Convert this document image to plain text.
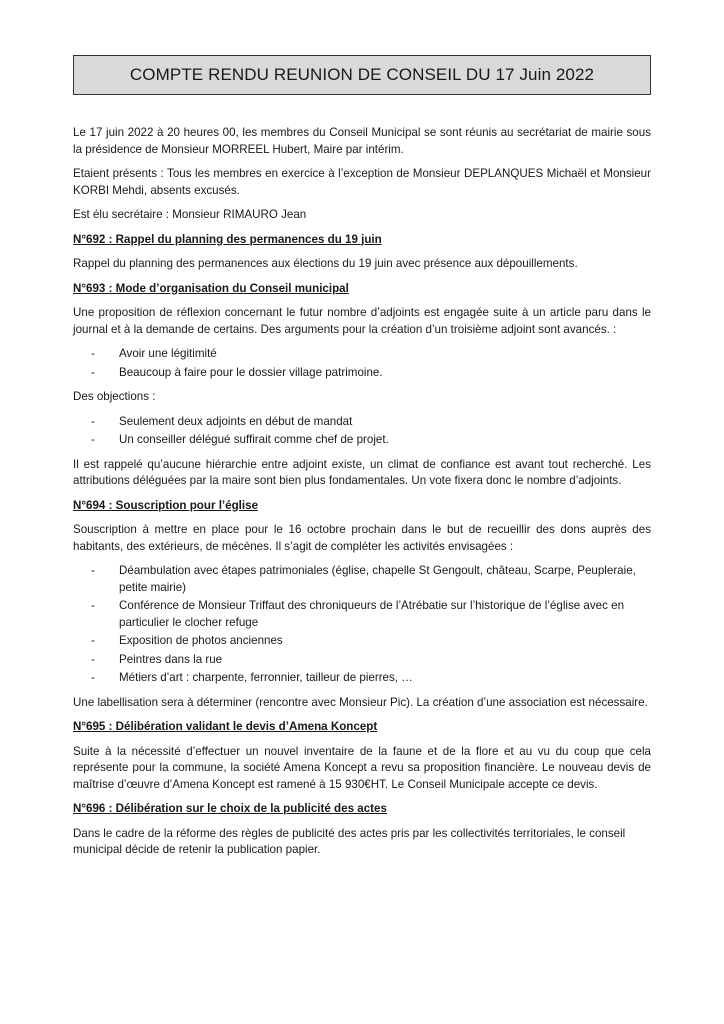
COMPTE RENDU REUNION DE CONSEIL DU 17 Juin 2022

Le 17 juin 2022 à 20 heures 00, les membres du Conseil Municipal se sont réunis au secrétariat de mairie sous la présidence de Monsieur MORREEL Hubert, Maire par intérim.

Etaient présents : Tous les membres en exercice à l’exception de Monsieur DEPLANQUES Michaël et Monsieur KORBI Mehdi, absents excusés.

Est élu secrétaire : Monsieur RIMAURO Jean

N°692 : Rappel du planning des permanences du 19 juin

Rappel du planning des permanences aux élections du 19 juin avec présence aux dépouillements.

N°693 : Mode d’organisation du Conseil municipal

Une proposition de réflexion concernant le futur nombre d’adjoints est engagée suite à un article paru dans le journal et à la demande de certains. Des arguments pour la création d’un troisième adjoint sont avancés. :

- Avoir une légitimité
- Beaucoup à faire pour le dossier village patrimoine.

Des objections :

- Seulement deux adjoints en début de mandat
- Un conseiller délégué suffirait comme chef de projet.

Il est rappelé qu’aucune hiérarchie entre adjoint existe, un climat de confiance est avant tout recherché. Les attributions déléguées par la maire sont bien plus fondamentales. Un vote fixera donc le nombre d’adjoints.

N°694 : Souscription pour l’église

Souscription à mettre en place pour le 16 octobre prochain dans le but de recueillir des dons auprès des habitants, des extérieurs, de mécènes. Il s’agit de compléter les activités envisagées :

- Déambulation avec étapes patrimoniales (église, chapelle St Gengoult, château, Scarpe, Peupleraie, petite mairie)
- Conférence de Monsieur Triffaut des chroniqueurs de l’Atrébatie sur l’historique de l’église avec en particulier le clocher refuge
- Exposition de photos anciennes
- Peintres dans la rue
- Métiers d’art : charpente, ferronnier, tailleur de pierres, …

Une labellisation sera à déterminer (rencontre avec Monsieur Pic). La création d’une association est nécessaire.

N°695 : Délibération validant le devis d’Amena Koncept

Suite à la nécessité d’effectuer un nouvel inventaire de la faune et de la flore et au vu du coup que cela représente pour la commune, la société Amena Koncept a revu sa proposition financière. Le nouveau devis de maîtrise d’œuvre d’Amena Koncept est ramené à 15 930€HT. Le Conseil Municipale accepte ce devis.

N°696 : Délibération sur le choix de la publicité des actes

Dans le cadre de la réforme des règles de publicité des actes pris par les collectivités territoriales, le conseil municipal décide de retenir la publication papier.
